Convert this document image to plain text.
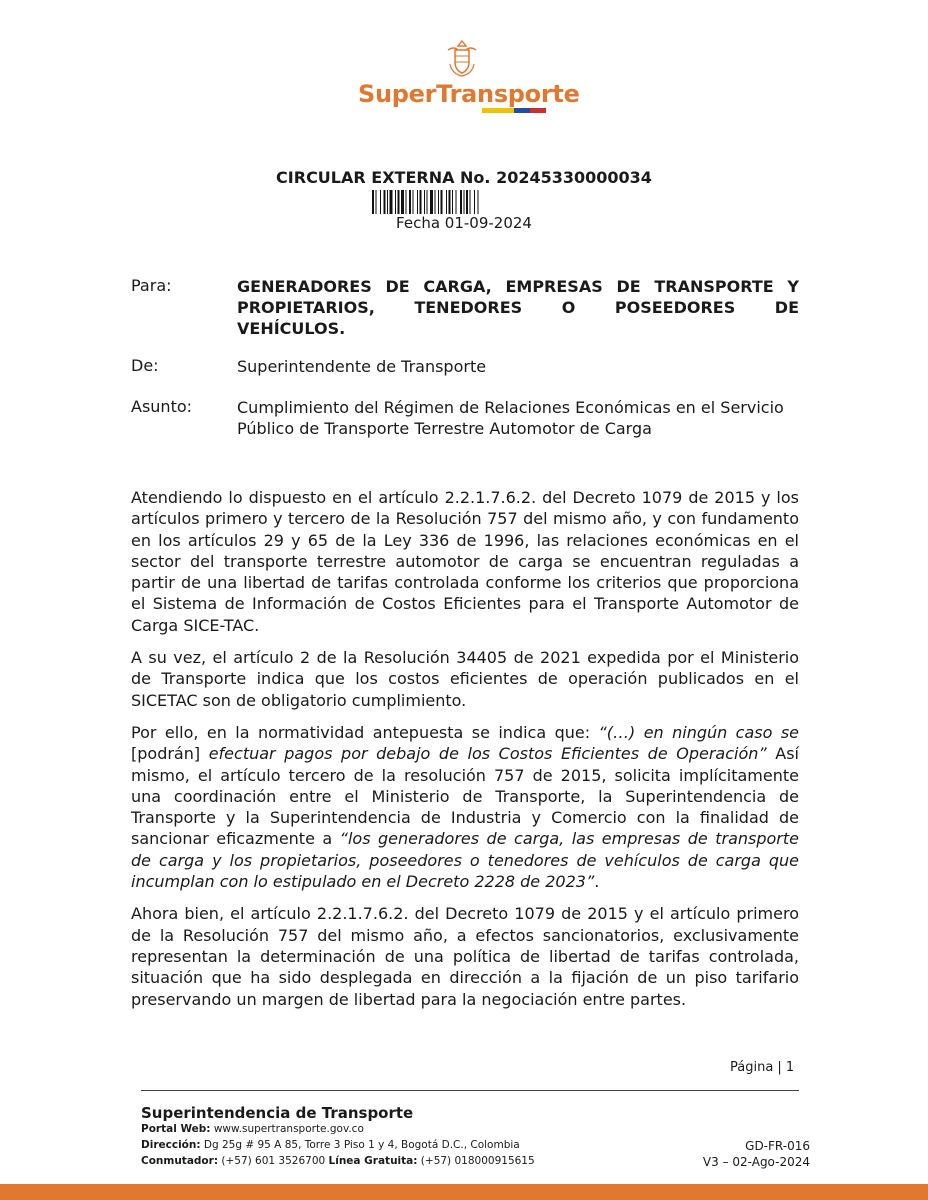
SuperTransporte
CIRCULAR EXTERNA No. 20245330000034
Fecha 01-09-2024
Para:	GENERADORES DE CARGA, EMPRESAS DE TRANSPORTE Y
PROPIETARIOS, TENEDORES O POSEEDORES DE
VEHÍCULOS.
De:	Superintendente de Transporte
Asunto:	Cumplimiento del Régimen de Relaciones Económicas en el Servicio Público de Transporte Terrestre Automotor de Carga

Atendiendo lo dispuesto en el artículo 2.2.1.7.6.2. del Decreto 1079 de 2015 y los artículos primero y tercero de la Resolución 757 del mismo año, y con fundamento en los artículos 29 y 65 de la Ley 336 de 1996, las relaciones económicas en el sector del transporte terrestre automotor de carga se encuentran reguladas a partir de una libertad de tarifas controlada conforme los criterios que proporciona el Sistema de Información de Costos Eficientes para el Transporte Automotor de Carga SICE-TAC.

A su vez, el artículo 2 de la Resolución 34405 de 2021 expedida por el Ministerio de Transporte indica que los costos eficientes de operación publicados en el SICETAC son de obligatorio cumplimiento.

Por ello, en la normatividad antepuesta se indica que: “(…) en ningún caso se [podrán] efectuar pagos por debajo de los Costos Eficientes de Operación” Así mismo, el artículo tercero de la resolución 757 de 2015, solicita implícitamente una coordinación entre el Ministerio de Transporte, la Superintendencia de Transporte y la Superintendencia de Industria y Comercio con la finalidad de sancionar eficazmente a “los generadores de carga, las empresas de transporte de carga y los propietarios, poseedores o tenedores de vehículos de carga que incumplan con lo estipulado en el Decreto 2228 de 2023”.

Ahora bien, el artículo 2.2.1.7.6.2. del Decreto 1079 de 2015 y el artículo primero de la Resolución 757 del mismo año, a efectos sancionatorios, exclusivamente representan la determinación de una política de libertad de tarifas controlada, situación que ha sido desplegada en dirección a la fijación de un piso tarifario preservando un margen de libertad para la negociación entre partes.

Página | 1
Superintendencia de Transporte
Portal Web: www.supertransporte.gov.co
Dirección: Dg 25g # 95 A 85, Torre 3 Piso 1 y 4, Bogotá D.C., Colombia
Conmutador: (+57) 601 3526700 Línea Gratuita: (+57) 018000915615
GD-FR-016
V3 – 02-Ago-2024
